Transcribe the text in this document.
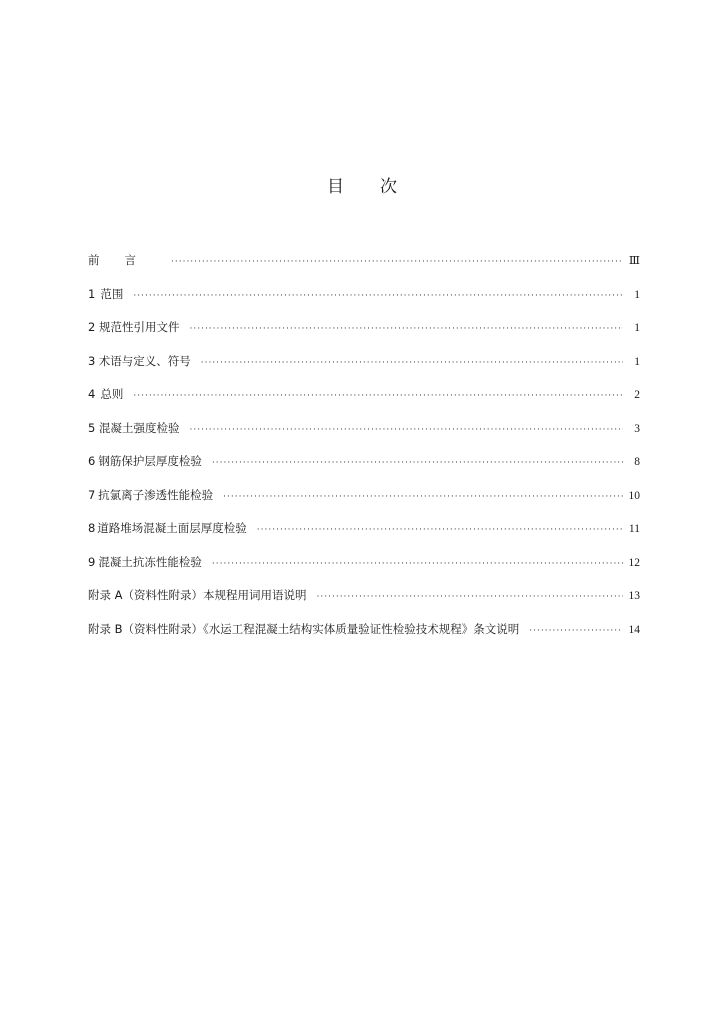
目次
前言 ·····	Ⅲ
1 范围 ·····	1
2 规范性引用文件 ·····	1
3 术语与定义、符号 ·····	1
4 总则 ·····	2
5 混凝土强度检验 ·····	3
6 钢筋保护层厚度检验 ·····	8
7 抗氯离子渗透性能检验 ·····	10
8 道路堆场混凝土面层厚度检验 ·····	11
9 混凝土抗冻性能检验 ·····	12
附录 A（资料性附录）本规程用词用语说明 ·····	13
附录 B（资料性附录）《水运工程混凝土结构实体质量验证性检验技术规程》条文说明 ·····	14
